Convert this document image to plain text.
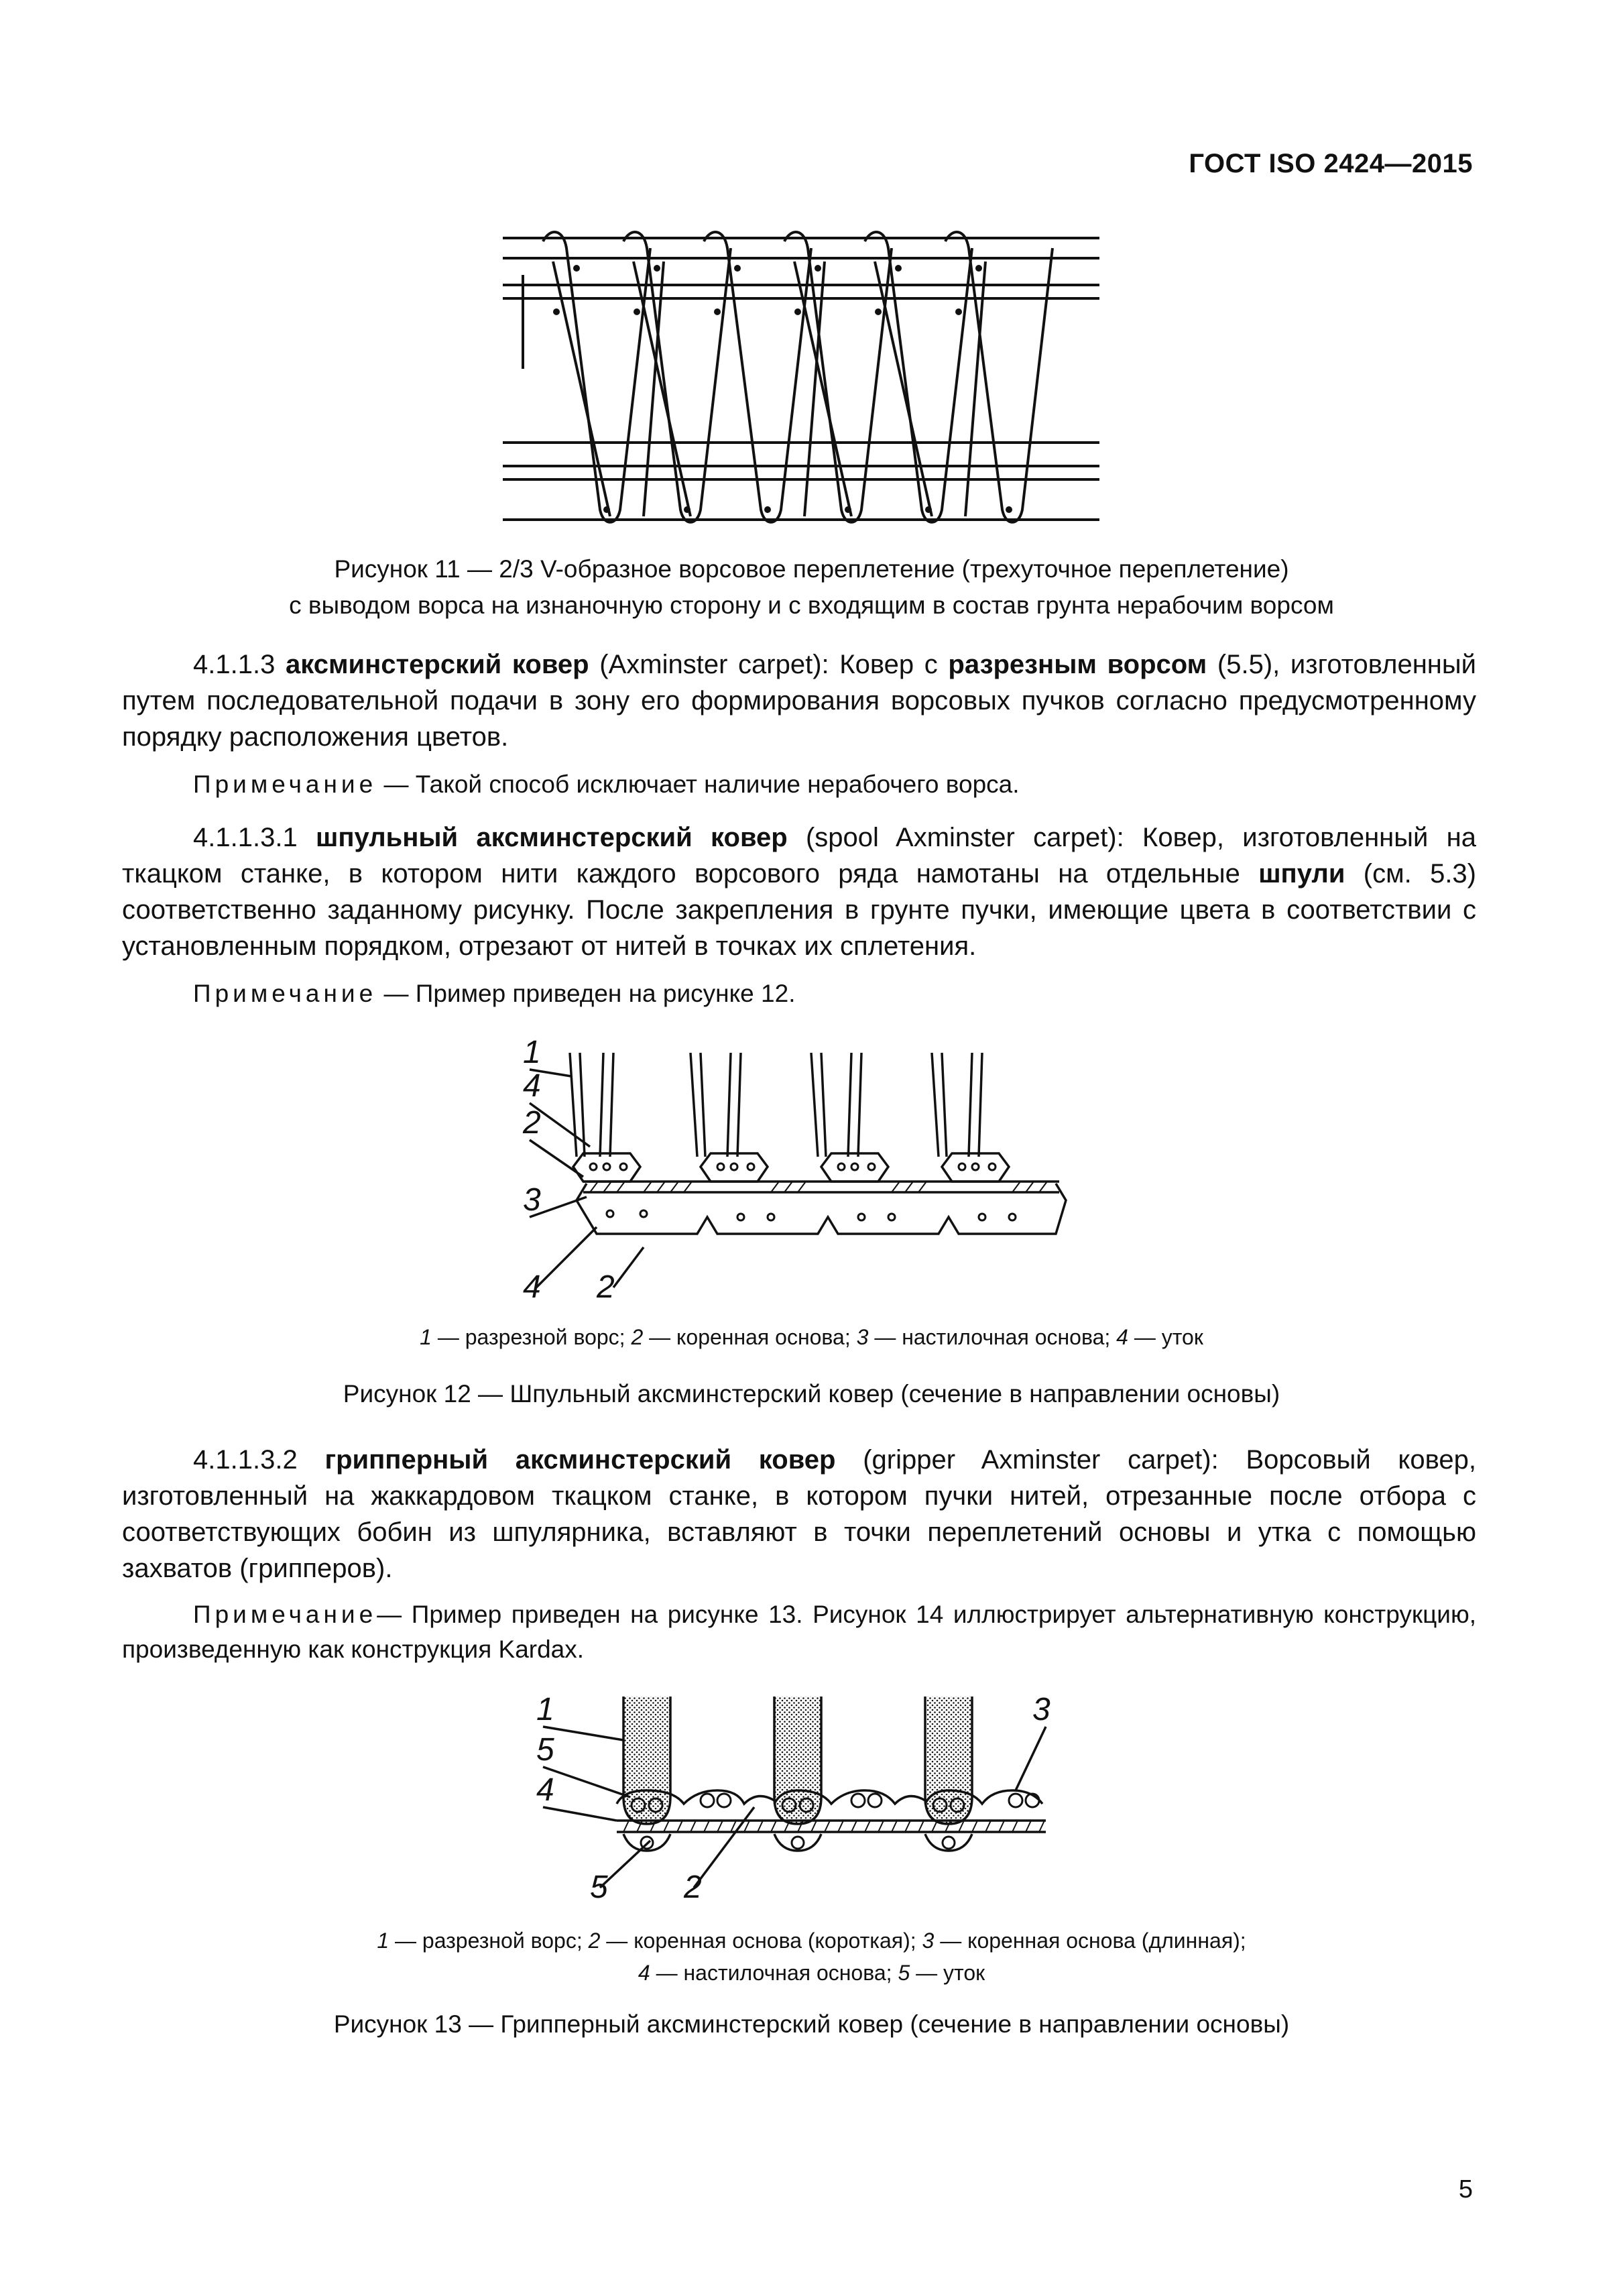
ГОСТ ISO 2424—2015
Рисунок 11 — 2/3 V-образное ворсовое переплетение (трехуточное переплетение)
с выводом ворса на изнаночную сторону и с входящим в состав грунта нерабочим ворсом
4.1.1.3 аксминстерский ковер (Axminster carpet): Ковер с разрезным ворсом (5.5), изготовленный путем последовательной подачи в зону его формирования ворсовых пучков согласно предусмотренному порядку расположения цветов.
Примечание — Такой способ исключает наличие нерабочего ворса.
4.1.1.3.1 шпульный аксминстерский ковер (spool Axminster carpet): Ковер, изготовленный на ткацком станке, в котором нити каждого ворсового ряда намотаны на отдельные шпули (см. 5.3) соответственно заданному рисунку. После закрепления в грунте пучки, имеющие цвета в соответствии с установленным порядком, отрезают от нитей в точках их сплетения.
Примечание — Пример приведен на рисунке 12.
1
4
2
3
4 2
1 — разрезной ворс; 2 — коренная основа; 3 — настилочная основа; 4 — уток
Рисунок 12 — Шпульный аксминстерский ковер (сечение в направлении основы)
4.1.1.3.2 грипперный аксминстерский ковер (gripper Axminster carpet): Ворсовый ковер, изготовленный на жаккардовом ткацком станке, в котором пучки нитей, отрезанные после отбора с соответствующих бобин из шпулярника, вставляют в точки переплетений основы и утка с помощью захватов (грипперов).
Примечание— Пример приведен на рисунке 13. Рисунок 14 иллюстрирует альтернативную конструкцию, произведенную как конструкция Kardax.
1
5
4
3
5 2
1 — разрезной ворс; 2 — коренная основа (короткая); 3 — коренная основа (длинная);
4 — настилочная основа; 5 — уток
Рисунок 13 — Грипперный аксминстерский ковер (сечение в направлении основы)
5
